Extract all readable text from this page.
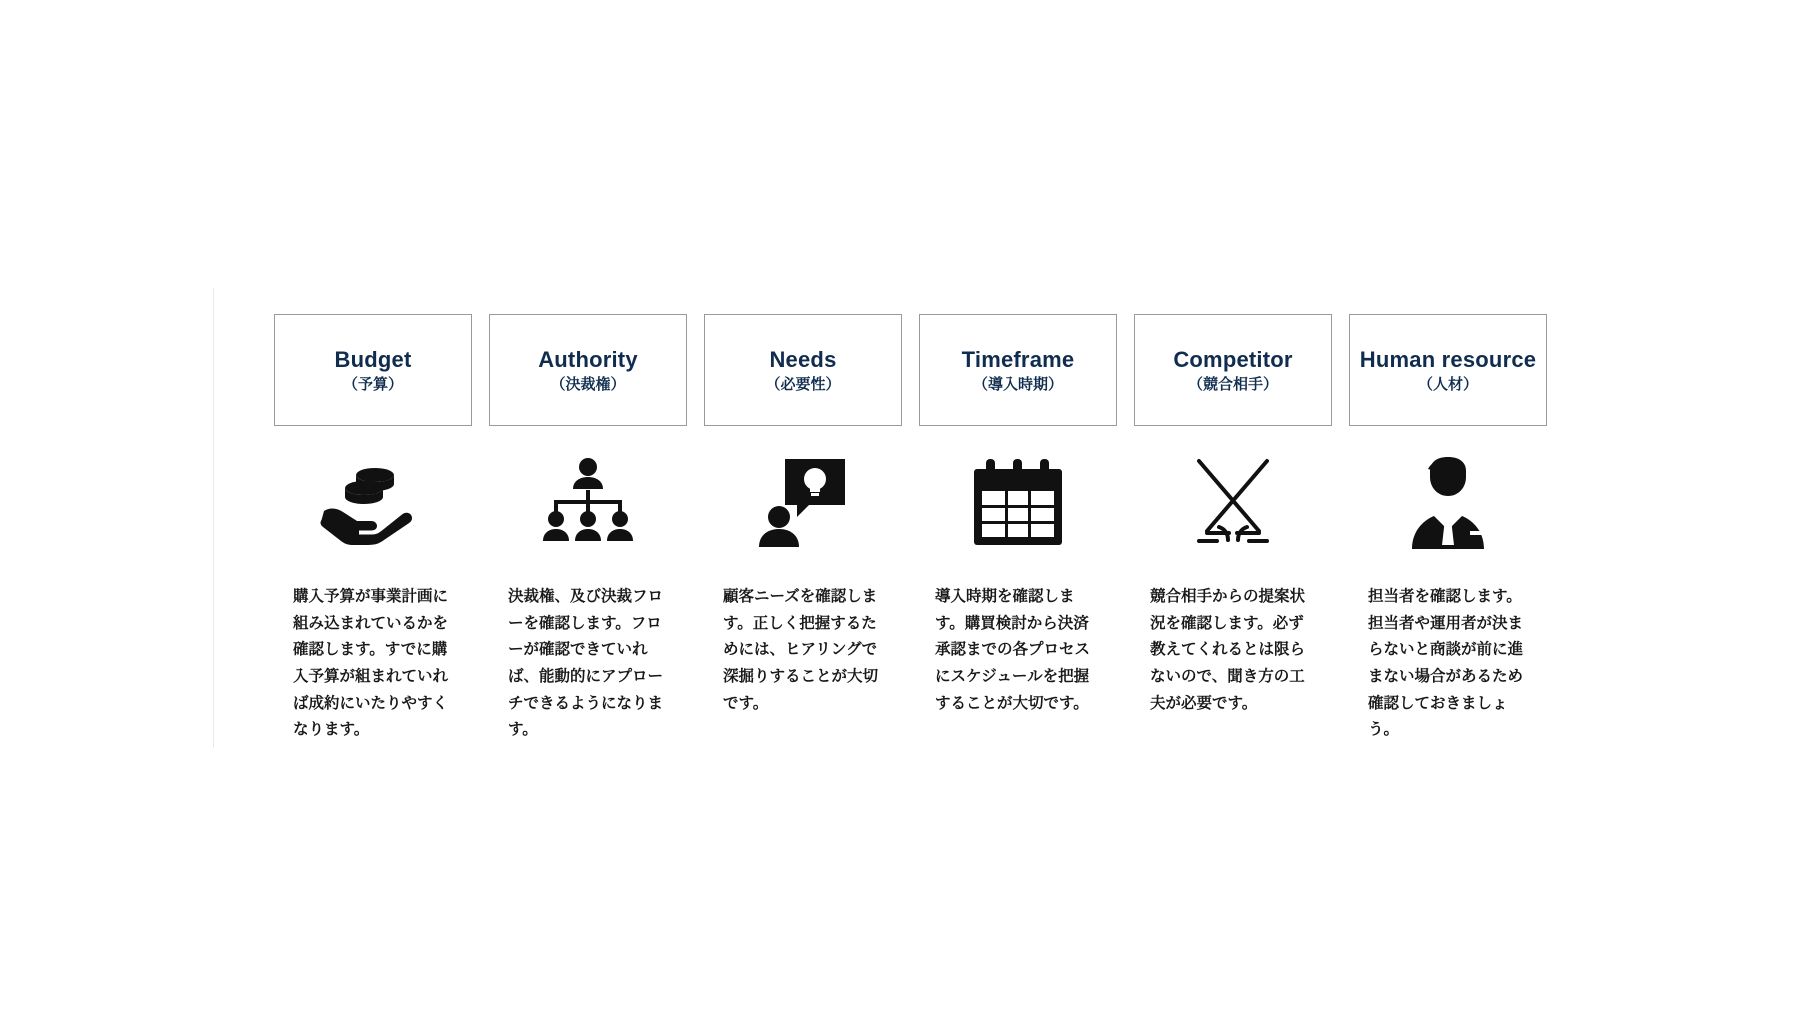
Budget
（予算）
購入予算が事業計画に組み込まれているかを確認します。すでに購入予算が組まれていれば成約にいたりやすくなります。
Authority
（決裁権）
決裁権、及び決裁フローを確認します。フローが確認できていれば、能動的にアプローチできるようになります。
Needs
（必要性）
顧客ニーズを確認します。正しく把握するためには、ヒアリングで深掘りすることが大切です。
Timeframe
（導入時期）
導入時期を確認します。購買検討から決済承認までの各プロセスにスケジュールを把握することが大切です。
Competitor
（競合相手）
競合相手からの提案状況を確認します。必ず教えてくれるとは限らないので、聞き方の工夫が必要です。
Human resource
（人材）
担当者を確認します。担当者や運用者が決まらないと商談が前に進まない場合があるため確認しておきましょう。
